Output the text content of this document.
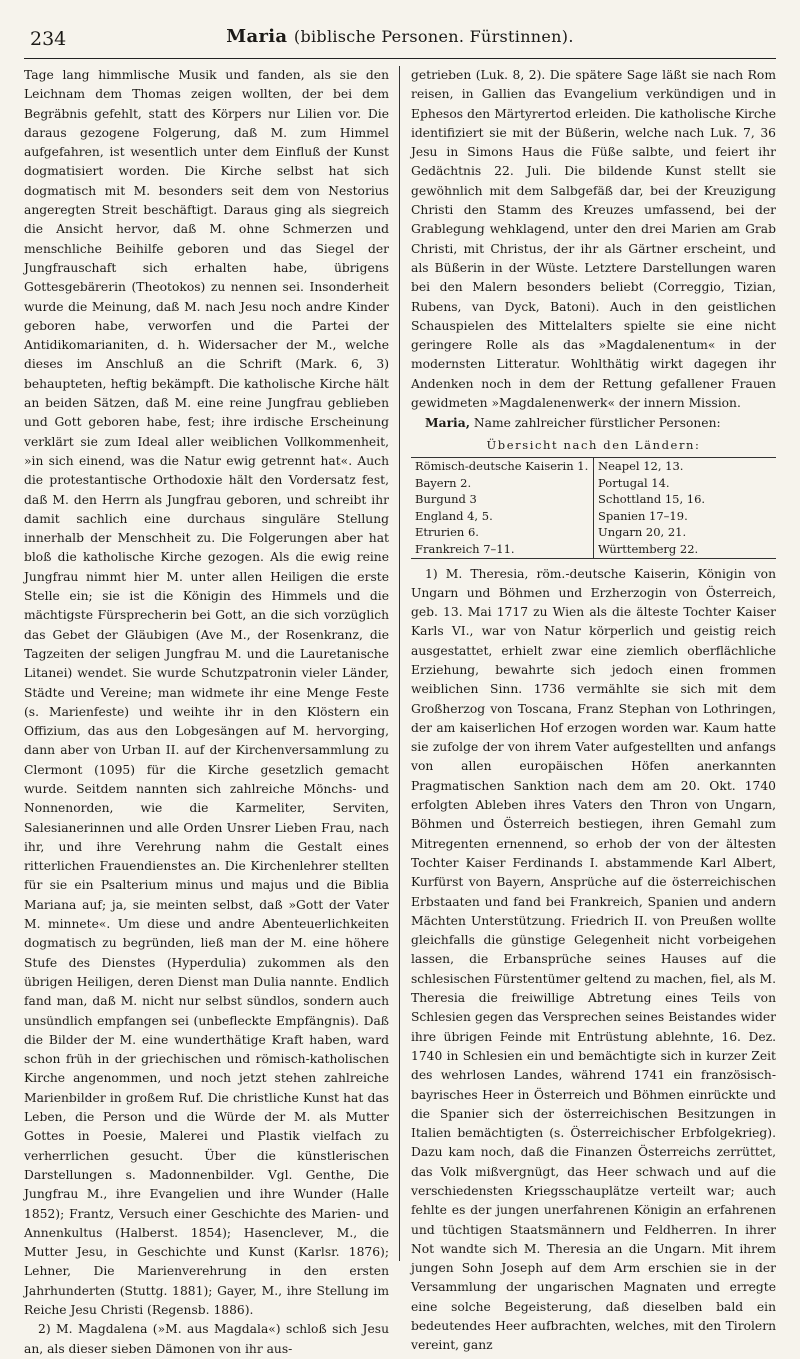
234	Maria (biblische Personen. Fürstinnen).

Tage lang himmlische Musik und fanden, als sie den Leichnam dem Thomas zeigen wollten, der bei dem Begräbnis gefehlt, statt des Körpers nur Lilien vor. Die daraus gezogene Folgerung, daß M. zum Himmel aufgefahren, ist wesentlich unter dem Einfluß der Kunst dogmatisiert worden. Die Kirche selbst hat sich dogmatisch mit M. besonders seit dem von Nestorius angeregten Streit beschäftigt. Daraus ging als siegreich die Ansicht hervor, daß M. ohne Schmerzen und menschliche Beihilfe geboren und das Siegel der Jungfrauschaft sich erhalten habe, übrigens Gottesgebärerin (Theotokos) zu nennen sei. Insonderheit wurde die Meinung, daß M. nach Jesu noch andre Kinder geboren habe, verworfen und die Partei der Antidikomarianiten, d. h. Widersacher der M., welche dieses im Anschluß an die Schrift (Mark. 6, 3) behaupteten, heftig bekämpft. Die katholische Kirche hält an beiden Sätzen, daß M. eine reine Jungfrau geblieben und Gott geboren habe, fest; ihre irdische Erscheinung verklärt sie zum Ideal aller weiblichen Vollkommenheit, »in sich einend, was die Natur ewig getrennt hat«. Auch die protestantische Orthodoxie hält den Vordersatz fest, daß M. den Herrn als Jungfrau geboren, und schreibt ihr damit sachlich eine durchaus singuläre Stellung innerhalb der Menschheit zu. Die Folgerungen aber hat bloß die katholische Kirche gezogen. Als die ewig reine Jungfrau nimmt hier M. unter allen Heiligen die erste Stelle ein; sie ist die Königin des Himmels und die mächtigste Fürsprecherin bei Gott, an die sich vorzüglich das Gebet der Gläubigen (Ave M., der Rosenkranz, die Tagzeiten der seligen Jungfrau M. und die Lauretanische Litanei) wendet. Sie wurde Schutzpatronin vieler Länder, Städte und Vereine; man widmete ihr eine Menge Feste (s. Marienfeste) und weihte ihr in den Klöstern ein Offizium, das aus den Lobgesängen auf M. hervorging, dann aber von Urban II. auf der Kirchenversammlung zu Clermont (1095) für die Kirche gesetzlich gemacht wurde. Seitdem nannten sich zahlreiche Mönchs- und Nonnenorden, wie die Karmeliter, Serviten, Salesianerinnen und alle Orden Unsrer Lieben Frau, nach ihr, und ihre Verehrung nahm die Gestalt eines ritterlichen Frauendienstes an. Die Kirchenlehrer stellten für sie ein Psalterium minus und majus und die Biblia Mariana auf; ja, sie meinten selbst, daß »Gott der Vater M. minnete«. Um diese und andre Abenteuerlichkeiten dogmatisch zu begründen, ließ man der M. eine höhere Stufe des Dienstes (Hyperdulia) zukommen als den übrigen Heiligen, deren Dienst man Dulia nannte. Endlich fand man, daß M. nicht nur selbst sündlos, sondern auch unsündlich empfangen sei (unbefleckte Empfängnis). Daß die Bilder der M. eine wunderthätige Kraft haben, ward schon früh in der griechischen und römisch-katholischen Kirche angenommen, und noch jetzt stehen zahlreiche Marienbilder in großem Ruf. Die christliche Kunst hat das Leben, die Person und die Würde der M. als Mutter Gottes in Poesie, Malerei und Plastik vielfach zu verherrlichen gesucht. Über die künstlerischen Darstellungen s. Madonnenbilder. Vgl. Genthe, Die Jungfrau M., ihre Evangelien und ihre Wunder (Halle 1852); Frantz, Versuch einer Geschichte des Marien- und Annenkultus (Halberst. 1854); Hasenclever, M., die Mutter Jesu, in Geschichte und Kunst (Karlsr. 1876); Lehner, Die Marienverehrung in den ersten Jahrhunderten (Stuttg. 1881); Gayer, M., ihre Stellung im Reiche Jesu Christi (Regensb. 1886).

2) M. Magdalena (»M. aus Magdala«) schloß sich Jesu an, als dieser sieben Dämonen von ihr aus-

getrieben (Luk. 8, 2). Die spätere Sage läßt sie nach Rom reisen, in Gallien das Evangelium verkündigen und in Ephesos den Märtyrertod erleiden. Die katholische Kirche identifiziert sie mit der Büßerin, welche nach Luk. 7, 36 Jesu in Simons Haus die Füße salbte, und feiert ihr Gedächtnis 22. Juli. Die bildende Kunst stellt sie gewöhnlich mit dem Salbgefäß dar, bei der Kreuzigung Christi den Stamm des Kreuzes umfassend, bei der Grablegung wehklagend, unter den drei Marien am Grab Christi, mit Christus, der ihr als Gärtner erscheint, und als Büßerin in der Wüste. Letztere Darstellungen waren bei den Malern besonders beliebt (Correggio, Tizian, Rubens, van Dyck, Batoni). Auch in den geistlichen Schauspielen des Mittelalters spielte sie eine nicht geringere Rolle als das »Magdalenentum« in der modernsten Litteratur. Wohlthätig wirkt dagegen ihr Andenken noch in dem der Rettung gefallener Frauen gewidmeten »Magdalenenwerk« der innern Mission.

Maria, Name zahlreicher fürstlicher Personen:

Übersicht nach den Ländern:
Römisch-deutsche Kaiserin 1.	Neapel 12, 13.
Bayern 2.	Portugal 14.
Burgund 3	Schottland 15, 16.
England 4, 5.	Spanien 17–19.
Etrurien 6.	Ungarn 20, 21.
Frankreich 7–11.	Württemberg 22.

1) M. Theresia, röm.-deutsche Kaiserin, Königin von Ungarn und Böhmen und Erzherzogin von Österreich, geb. 13. Mai 1717 zu Wien als die älteste Tochter Kaiser Karls VI., war von Natur körperlich und geistig reich ausgestattet, erhielt zwar eine ziemlich oberflächliche Erziehung, bewahrte sich jedoch einen frommen weiblichen Sinn. 1736 vermählte sie sich mit dem Großherzog von Toscana, Franz Stephan von Lothringen, der am kaiserlichen Hof erzogen worden war. Kaum hatte sie zufolge der von ihrem Vater aufgestellten und anfangs von allen europäischen Höfen anerkannten Pragmatischen Sanktion nach dem am 20. Okt. 1740 erfolgten Ableben ihres Vaters den Thron von Ungarn, Böhmen und Österreich bestiegen, ihren Gemahl zum Mitregenten ernennend, so erhob der von der ältesten Tochter Kaiser Ferdinands I. abstammende Karl Albert, Kurfürst von Bayern, Ansprüche auf die österreichischen Erbstaaten und fand bei Frankreich, Spanien und andern Mächten Unterstützung. Friedrich II. von Preußen wollte gleichfalls die günstige Gelegenheit nicht vorbeigehen lassen, die Erbansprüche seines Hauses auf die schlesischen Fürstentümer geltend zu machen, fiel, als M. Theresia die freiwillige Abtretung eines Teils von Schlesien gegen das Versprechen seines Beistandes wider ihre übrigen Feinde mit Entrüstung ablehnte, 16. Dez. 1740 in Schlesien ein und bemächtigte sich in kurzer Zeit des wehrlosen Landes, während 1741 ein französisch-bayrisches Heer in Österreich und Böhmen einrückte und die Spanier sich der österreichischen Besitzungen in Italien bemächtigten (s. Österreichischer Erbfolgekrieg). Dazu kam noch, daß die Finanzen Österreichs zerrüttet, das Volk mißvergnügt, das Heer schwach und auf die verschiedensten Kriegsschauplätze verteilt war; auch fehlte es der jungen unerfahrenen Königin an erfahrenen und tüchtigen Staatsmännern und Feldherren. In ihrer Not wandte sich M. Theresia an die Ungarn. Mit ihrem jungen Sohn Joseph auf dem Arm erschien sie in der Versammlung der ungarischen Magnaten und erregte eine solche Begeisterung, daß dieselben bald ein bedeutendes Heer aufbrachten, welches, mit den Tirolern vereint, ganz
